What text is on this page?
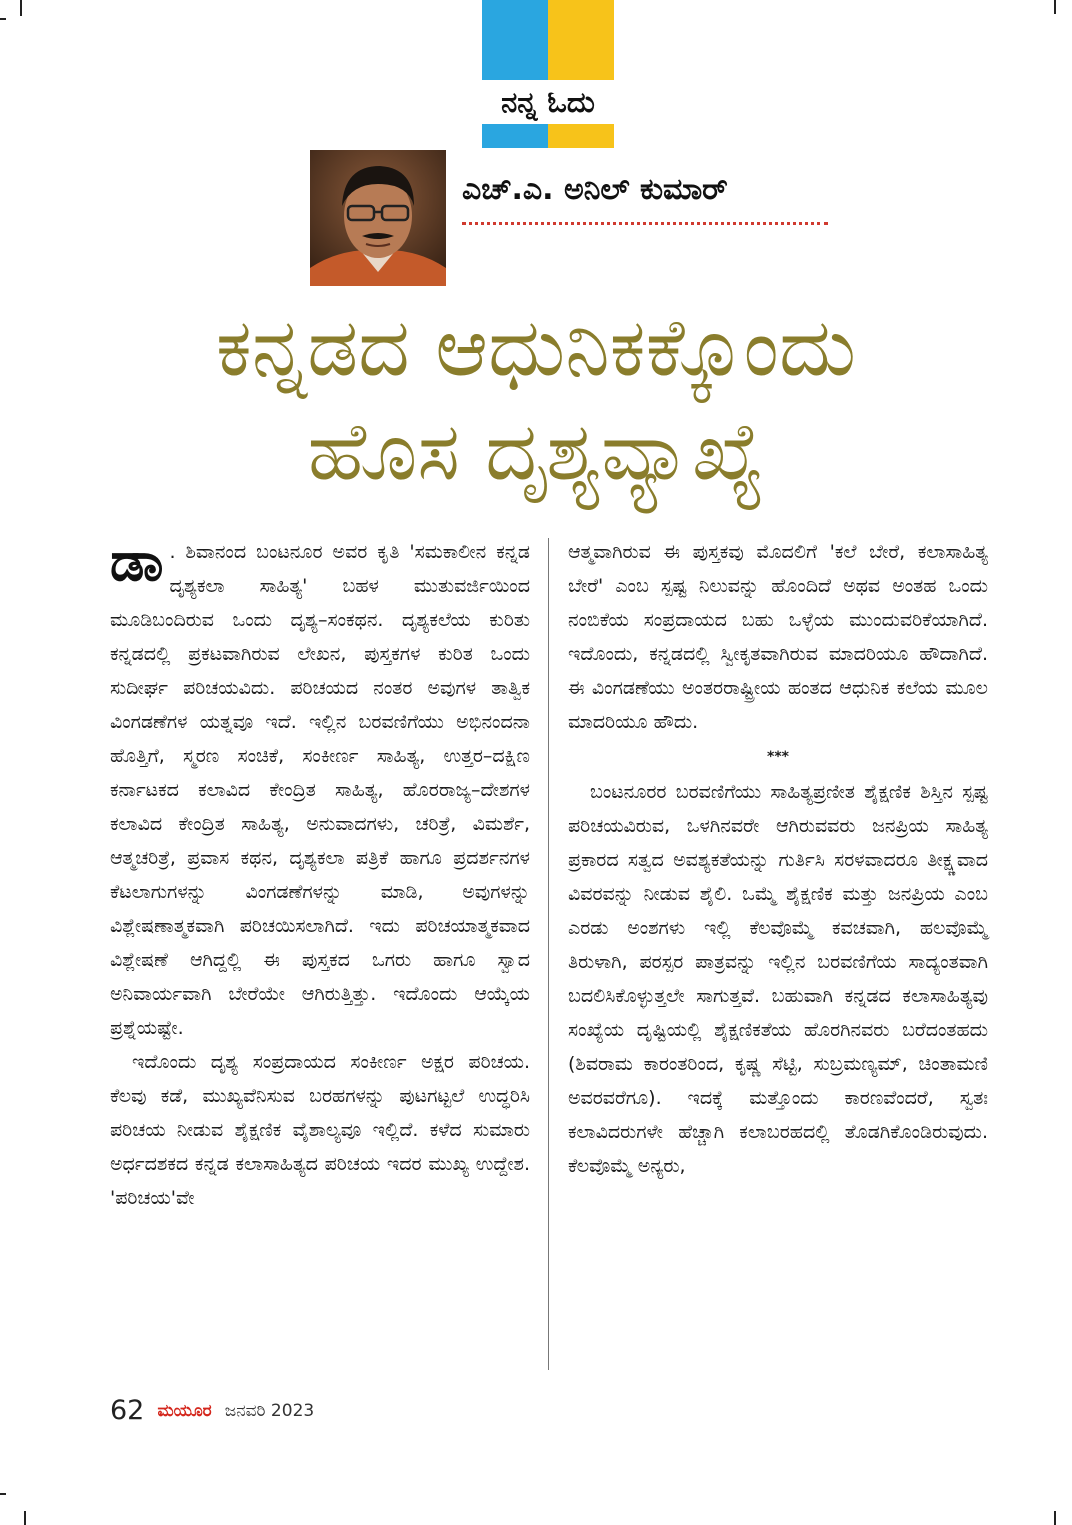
ನನ್ನ ಓದು
ಎಚ್‌.ಎ. ಅನಿಲ್ ಕುಮಾರ್
ಕನ್ನಡದ ಆಧುನಿಕಕ್ಕೊಂದು
ಹೊಸ ದೃಶ್ಯವ್ಯಾಖ್ಯೆ

ಡಾ . ಶಿವಾನಂದ ಬಂಟನೂರ ಅವರ ಕೃತಿ 'ಸಮಕಾಲೀನ ಕನ್ನಡ ದೃಶ್ಯಕಲಾ ಸಾಹಿತ್ಯ' ಬಹಳ ಮುತುವರ್ಜಿಯಿಂದ ಮೂಡಿಬಂದಿರುವ ಒಂದು ದೃಶ್ಯ–ಸಂಕಥನ. ದೃಶ್ಯಕಲೆಯ ಕುರಿತು ಕನ್ನಡದಲ್ಲಿ ಪ್ರಕಟವಾಗಿರುವ ಲೇಖನ, ಪುಸ್ತಕಗಳ ಕುರಿತ ಒಂದು ಸುದೀರ್ಘ ಪರಿಚಯವಿದು. ಪರಿಚಯದ ನಂತರ ಅವುಗಳ ತಾತ್ವಿಕ ವಿಂಗಡಣೆಗಳ ಯತ್ನವೂ ಇದೆ. ಇಲ್ಲಿನ ಬರವಣಿಗೆಯು ಅಭಿನಂದನಾ ಹೊತ್ತಿಗೆ, ಸ್ಮರಣ ಸಂಚಿಕೆ, ಸಂಕೀರ್ಣ ಸಾಹಿತ್ಯ, ಉತ್ತರ–ದಕ್ಷಿಣ ಕರ್ನಾಟಕದ ಕಲಾವಿದ ಕೇಂದ್ರಿತ ಸಾಹಿತ್ಯ, ಹೊರರಾಜ್ಯ–ದೇಶಗಳ ಕಲಾವಿದ ಕೇಂದ್ರಿತ ಸಾಹಿತ್ಯ, ಅನುವಾದಗಳು, ಚರಿತ್ರೆ, ವಿಮರ್ಶೆ, ಆತ್ಮಚರಿತ್ರೆ, ಪ್ರವಾಸ ಕಥನ, ದೃಶ್ಯಕಲಾ ಪತ್ರಿಕೆ ಹಾಗೂ ಪ್ರದರ್ಶನಗಳ ಕೆಟಲಾಗುಗಳನ್ನು ವಿಂಗಡಣೆಗಳನ್ನು ಮಾಡಿ, ಅವುಗಳನ್ನು ವಿಶ್ಲೇಷಣಾತ್ಮಕವಾಗಿ ಪರಿಚಯಿಸಲಾಗಿದೆ. ಇದು ಪರಿಚಯಾತ್ಮಕವಾದ ವಿಶ್ಲೇಷಣೆ ಆಗಿದ್ದಲ್ಲಿ ಈ ಪುಸ್ತಕದ ಒಗರು ಹಾಗೂ ಸ್ವಾದ ಅನಿವಾರ್ಯವಾಗಿ ಬೇರೆಯೇ ಆಗಿರುತ್ತಿತ್ತು. ಇದೊಂದು ಆಯ್ಕೆಯ ಪ್ರಶ್ನೆಯಷ್ಟೇ.

ಇದೊಂದು ದೃಶ್ಯ ಸಂಪ್ರದಾಯದ ಸಂಕೀರ್ಣ ಅಕ್ಷರ ಪರಿಚಯ. ಕೆಲವು ಕಡೆ, ಮುಖ್ಯವೆನಿಸುವ ಬರಹಗಳನ್ನು ಪುಟಗಟ್ಟಲೆ ಉದ್ಧರಿಸಿ ಪರಿಚಯ ನೀಡುವ ಶೈಕ್ಷಣಿಕ ವೈಶಾಲ್ಯವೂ ಇಲ್ಲಿದೆ. ಕಳೆದ ಸುಮಾರು ಅರ್ಧದಶಕದ ಕನ್ನಡ ಕಲಾಸಾಹಿತ್ಯದ ಪರಿಚಯ ಇದರ ಮುಖ್ಯ ಉದ್ದೇಶ. 'ಪರಿಚಯ'ವೇ

ಆತ್ಮವಾಗಿರುವ ಈ ಪುಸ್ತಕವು ಮೊದಲಿಗೆ 'ಕಲೆ ಬೇರೆ, ಕಲಾಸಾಹಿತ್ಯ ಬೇರೆ' ಎಂಬ ಸ್ಪಷ್ಟ ನಿಲುವನ್ನು ಹೊಂದಿದೆ ಅಥವ ಅಂತಹ ಒಂದು ನಂಬಿಕೆಯ ಸಂಪ್ರದಾಯದ ಬಹು ಒಳ್ಳೆಯ ಮುಂದುವರಿಕೆಯಾಗಿದೆ. ಇದೊಂದು, ಕನ್ನಡದಲ್ಲಿ ಸ್ವೀಕೃತವಾಗಿರುವ ಮಾದರಿಯೂ ಹೌದಾಗಿದೆ. ಈ ವಿಂಗಡಣೆಯು ಅಂತರರಾಷ್ಟ್ರೀಯ ಹಂತದ ಆಧುನಿಕ ಕಲೆಯ ಮೂಲ ಮಾದರಿಯೂ ಹೌದು.

***

ಬಂಟನೂರರ ಬರವಣಿಗೆಯು ಸಾಹಿತ್ಯಪ್ರಣೀತ ಶೈಕ್ಷಣಿಕ ಶಿಸ್ತಿನ ಸ್ಪಷ್ಟ ಪರಿಚಯವಿರುವ, ಒಳಗಿನವರೇ ಆಗಿರುವವರು ಜನಪ್ರಿಯ ಸಾಹಿತ್ಯ ಪ್ರಕಾರದ ಸತ್ವದ ಅವಶ್ಯಕತೆಯನ್ನು ಗುರ್ತಿಸಿ ಸರಳವಾದರೂ ತೀಕ್ಷ್ಣವಾದ ವಿವರವನ್ನು ನೀಡುವ ಶೈಲಿ. ಒಮ್ಮೆ ಶೈಕ್ಷಣಿಕ ಮತ್ತು ಜನಪ್ರಿಯ ಎಂಬ ಎರಡು ಅಂಶಗಳು ಇಲ್ಲಿ ಕೆಲವೊಮ್ಮೆ ಕವಚವಾಗಿ, ಹಲವೊಮ್ಮೆ ತಿರುಳಾಗಿ, ಪರಸ್ಪರ ಪಾತ್ರವನ್ನು ಇಲ್ಲಿನ ಬರವಣಿಗೆಯ ಸಾದ್ಯಂತವಾಗಿ ಬದಲಿಸಿಕೊಳ್ಳುತ್ತಲೇ ಸಾಗುತ್ತವೆ. ಬಹುವಾಗಿ ಕನ್ನಡದ ಕಲಾಸಾಹಿತ್ಯವು ಸಂಖ್ಯೆಯ ದೃಷ್ಟಿಯಲ್ಲಿ ಶೈಕ್ಷಣಿಕತೆಯ ಹೊರಗಿನವರು ಬರೆದಂತಹದು (ಶಿವರಾಮ ಕಾರಂತರಿಂದ, ಕೃಷ್ಣ ಸೆಟ್ಟಿ, ಸುಬ್ರಮಣ್ಯಮ್, ಚಿಂತಾಮಣಿ ಅವರವರೆಗೂ). ಇದಕ್ಕೆ ಮತ್ತೊಂದು ಕಾರಣವೆಂದರೆ, ಸ್ವತಃ ಕಲಾವಿದರುಗಳೇ ಹೆಚ್ಚಾಗಿ ಕಲಾಬರಹದಲ್ಲಿ ತೊಡಗಿಕೊಂಡಿರುವುದು. ಕೆಲವೊಮ್ಮೆ ಅನ್ಯರು,

62 ಮಯೂರ ಜನವರಿ 2023
